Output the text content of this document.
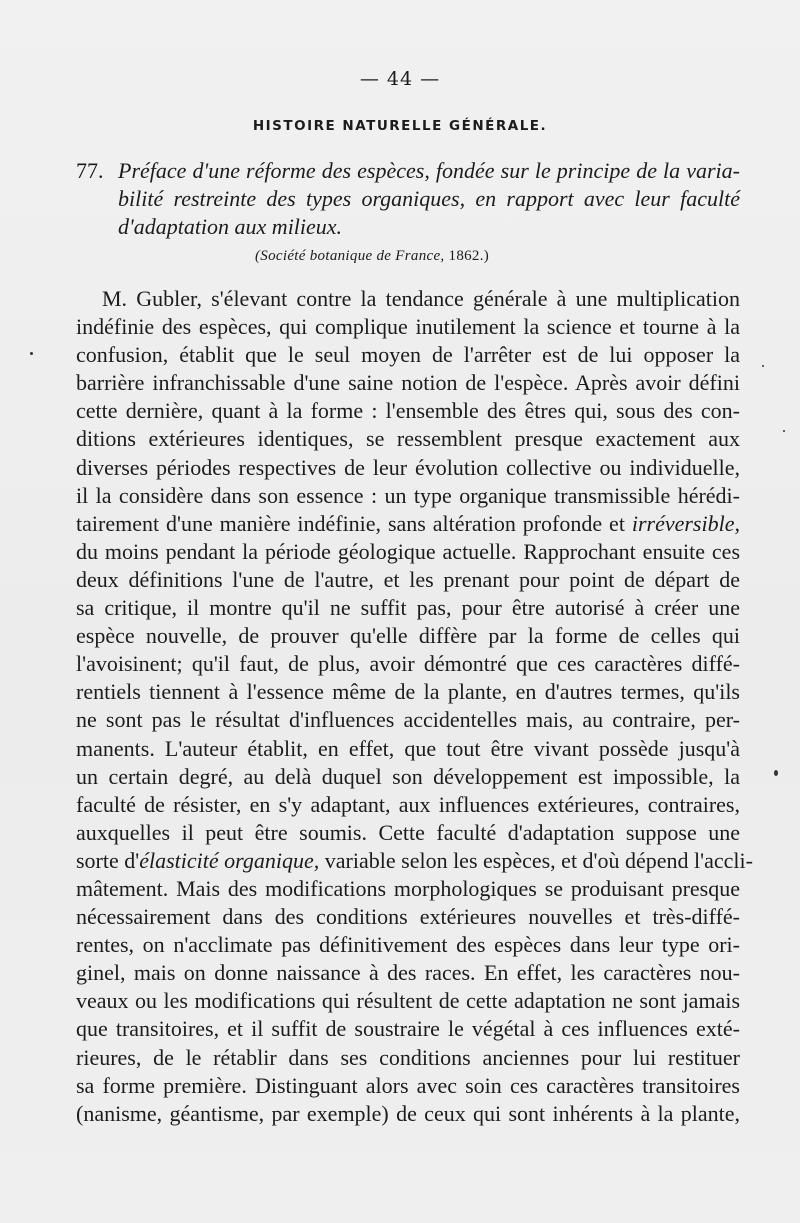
— 44 —
HISTOIRE NATURELLE GÉNÉRALE.
77. Préface d'une réforme des espèces, fondée sur le principe de la varia-
bilité restreinte des types organiques, en rapport avec leur faculté
d'adaptation aux milieux.
(Société botanique de France, 1862.)
M. Gubler, s'élevant contre la tendance générale à une multiplication
indéfinie des espèces, qui complique inutilement la science et tourne à la
confusion, établit que le seul moyen de l'arrêter est de lui opposer la
barrière infranchissable d'une saine notion de l'espèce. Après avoir défini
cette dernière, quant à la forme : l'ensemble des êtres qui, sous des con-
ditions extérieures identiques, se ressemblent presque exactement aux
diverses périodes respectives de leur évolution collective ou individuelle,
il la considère dans son essence : un type organique transmissible hérédi-
tairement d'une manière indéfinie, sans altération profonde et irréversible,
du moins pendant la période géologique actuelle. Rapprochant ensuite ces
deux définitions l'une de l'autre, et les prenant pour point de départ de
sa critique, il montre qu'il ne suffit pas, pour être autorisé à créer une
espèce nouvelle, de prouver qu'elle diffère par la forme de celles qui
l'avoisinent; qu'il faut, de plus, avoir démontré que ces caractères diffé-
rentiels tiennent à l'essence même de la plante, en d'autres termes, qu'ils
ne sont pas le résultat d'influences accidentelles mais, au contraire, per-
manents. L'auteur établit, en effet, que tout être vivant possède jusqu'à
un certain degré, au delà duquel son développement est impossible, la
faculté de résister, en s'y adaptant, aux influences extérieures, contraires,
auxquelles il peut être soumis. Cette faculté d'adaptation suppose une
sorte d'élasticité organique, variable selon les espèces, et d'où dépend l'accli-
mâtement. Mais des modifications morphologiques se produisant presque
nécessairement dans des conditions extérieures nouvelles et très-diffé-
rentes, on n'acclimate pas définitivement des espèces dans leur type ori-
ginel, mais on donne naissance à des races. En effet, les caractères nou-
veaux ou les modifications qui résultent de cette adaptation ne sont jamais
que transitoires, et il suffit de soustraire le végétal à ces influences exté-
rieures, de le rétablir dans ses conditions anciennes pour lui restituer
sa forme première. Distinguant alors avec soin ces caractères transitoires
(nanisme, géantisme, par exemple) de ceux qui sont inhérents à la plante,
